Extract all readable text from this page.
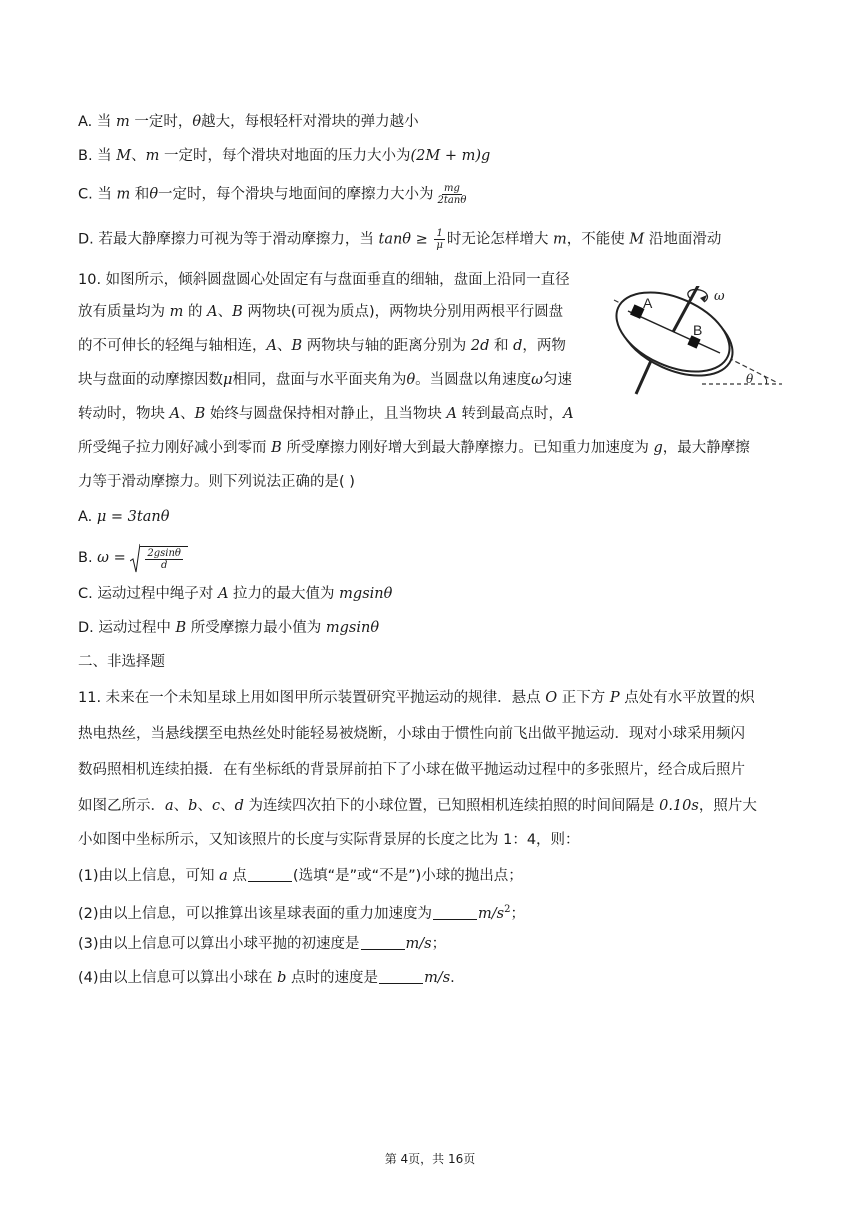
A. 当 m 一定时，θ越大，每根轻杆对滑块的弹力越小
B. 当 M、m 一定时，每个滑块对地面的压力大小为(2M + m)g
C. 当 m 和θ一定时，每个滑块与地面间的摩擦力大小为 $\frac{mg}{2\tan\theta}$
D. 若最大静摩擦力可视为等于滑动摩擦力，当 $\tan\theta \ge \frac{1}{\mu}$ 时无论怎样增大 m，不能使 M 沿地面滑动
10. 如图所示，倾斜圆盘圆心处固定有与盘面垂直的细轴，盘面上沿同一直径
放有质量均为 m 的 A、B 两物块(可视为质点)，两物块分别用两根平行圆盘
的不可伸长的轻绳与轴相连，A、B 两物块与轴的距离分别为 2d 和 d，两物
块与盘面的动摩擦因数μ相同，盘面与水平面夹角为θ。当圆盘以角速度ω匀速
转动时，物块 A、B 始终与圆盘保持相对静止，且当物块 A 转到最高点时，A
所受绳子拉力刚好减小到零而 B 所受摩擦力刚好增大到最大静摩擦力。已知重力加速度为 g，最大静摩擦
力等于滑动摩擦力。则下列说法正确的是( )
A. μ = 3tanθ
B. $\omega = \frac{2gsin\theta}{d}$
C. 运动过程中绳子对 A 拉力的最大值为 mgsinθ
D. 运动过程中 B 所受摩擦力最小值为 mgsinθ
二、非选择题
11. 未来在一个未知星球上用如图甲所示装置研究平抛运动的规律．悬点 O 正下方 P 点处有水平放置的炽
热电热丝，当悬线摆至电热丝处时能轻易被烧断，小球由于惯性向前飞出做平抛运动．现对小球采用频闪
数码照相机连续拍摄．在有坐标纸的背景屏前拍下了小球在做平抛运动过程中的多张照片，经合成后照片
如图乙所示．a、b、c、d 为连续四次拍下的小球位置，已知照相机连续拍照的时间间隔是 0.10s，照片大
小如图中坐标所示，又知该照片的长度与实际背景屏的长度之比为 1：4，则：
(1)由以上信息，可知 a 点	(选填“是”或“不是”)小球的抛出点；
(2)由以上信息，可以推算出该星球表面的重力加速度为	$m/s^2$；
(3)由以上信息可以算出小球平抛的初速度是	m/s；
(4)由以上信息可以算出小球在 b 点时的速度是	m/s.
ω
A
B
θ
第 4页，共 16页
